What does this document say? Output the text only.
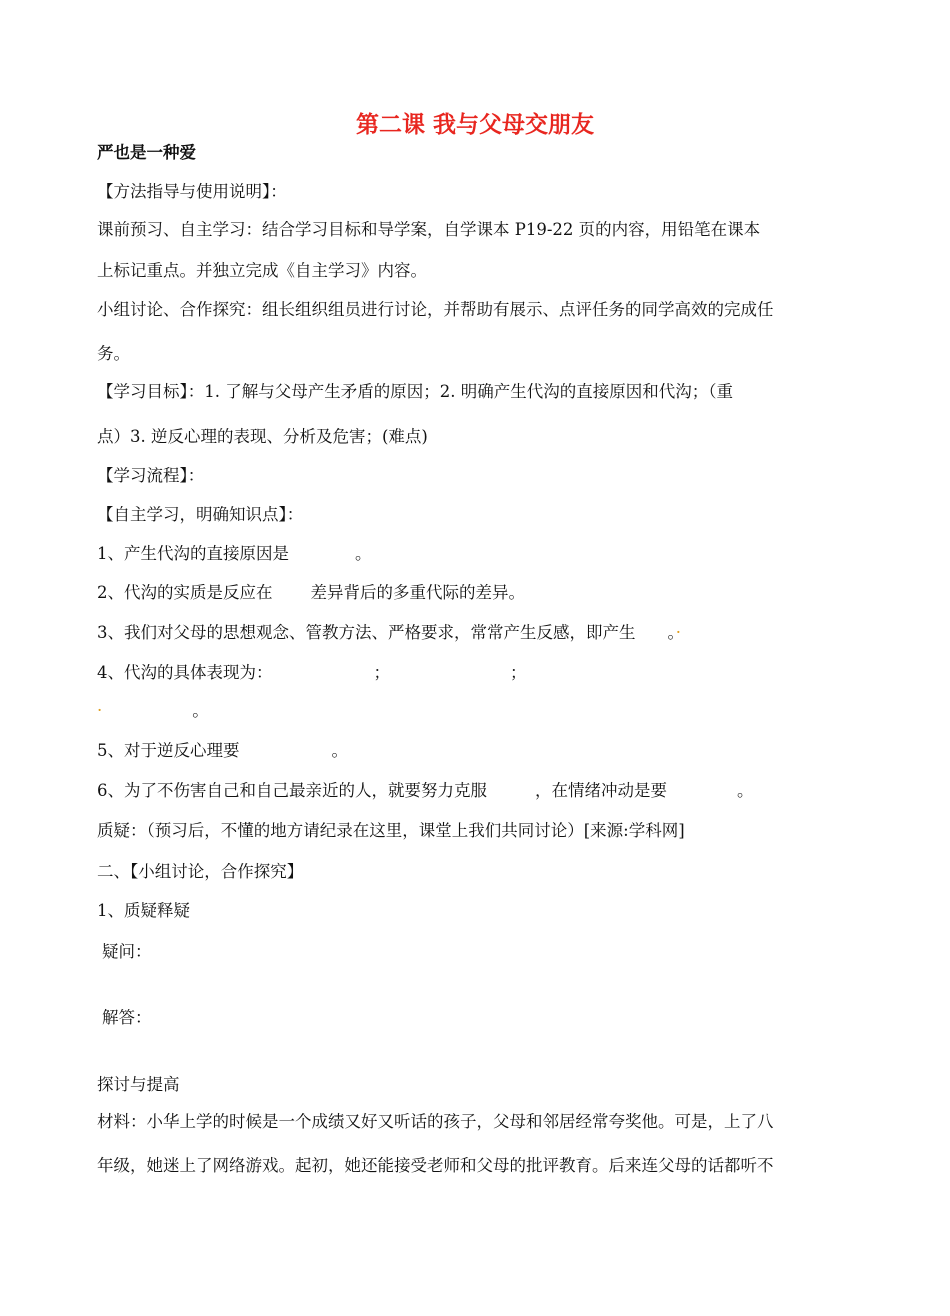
第二课 我与父母交朋友
严也是一种爱
【方法指导与使用说明】：
课前预习、自主学习：结合学习目标和导学案，自学课本 P19-22 页的内容，用铅笔在课本
上标记重点。并独立完成《自主学习》内容。
小组讨论、合作探究：组长组织组员进行讨论，并帮助有展示、点评任务的同学高效的完成任
务。
【学习目标】：1. 了解与父母产生矛盾的原因；2. 明确产生代沟的直接原因和代沟；（重
点）3. 逆反心理的表现、分析及危害；(难点)
【学习流程】：
【自主学习，明确知识点】：
1、产生代沟的直接原因是	。
2、代沟的实质是反应在 差异背后的多重代际的差异。
3、我们对父母的思想观念、管教方法、严格要求，常常产生反感，即产生 。·
4、代沟的具体表现为：	；	；
·	。
5、对于逆反心理要	。
6、为了不伤害自己和自己最亲近的人，就要努力克服	，在情绪冲动是要	。
质疑：（预习后，不懂的地方请纪录在这里，课堂上我们共同讨论）[来源:学科网]
二、【小组讨论，合作探究】
1、质疑释疑
疑问：
解答：
探讨与提高
材料：小华上学的时候是一个成绩又好又听话的孩子，父母和邻居经常夸奖他。可是，上了八
年级，她迷上了网络游戏。起初，她还能接受老师和父母的批评教育。后来连父母的话都听不
